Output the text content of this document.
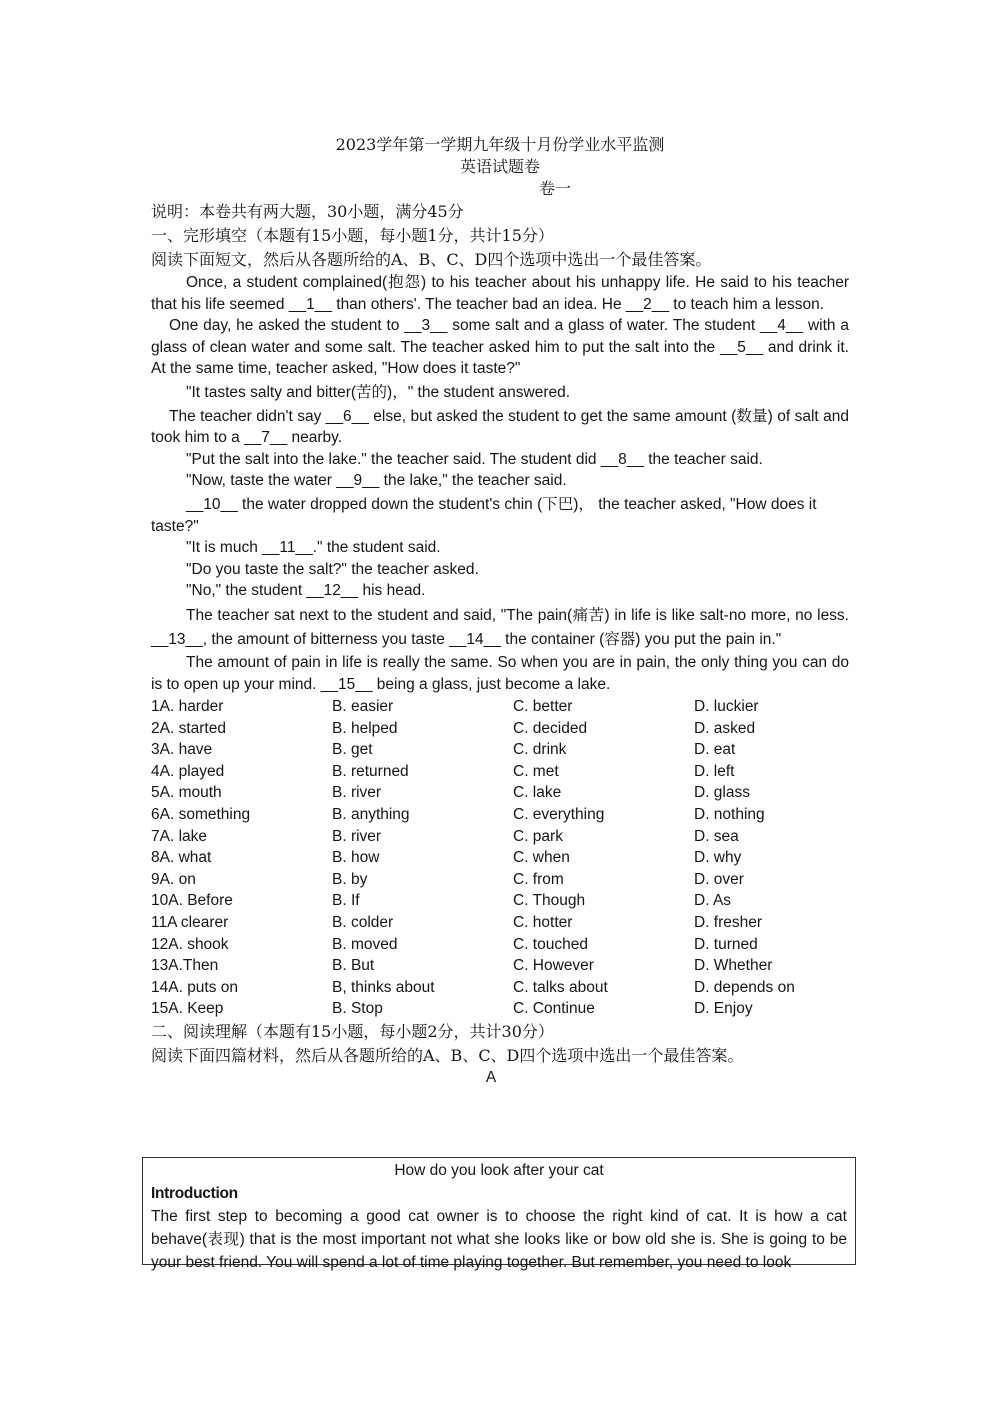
2023学年第一学期九年级十月份学业水平监测
英语试题卷
卷一
说明：本卷共有两大题，30小题，满分45分
一、完形填空（本题有15小题，每小题1分，共计15分）
阅读下面短文，然后从各题所给的A、B、C、D四个选项中选出一个最佳答案。

Once, a student complained(抱怨) to his teacher about his unhappy life. He said to his teacher that his life seemed __1__ than others'. The teacher bad an idea. He __2__ to teach him a lesson.

One day, he asked the student to __3__ some salt and a glass of water. The student __4__ with a glass of clean water and some salt. The teacher asked him to put the salt into the __5__ and drink it. At the same time, teacher asked, "How does it taste?"

"It tastes salty and bitter(苦的)，" the student answered.

The teacher didn't say __6__ else, but asked the student to get the same amount (数量) of salt and took him to a __7__ nearby.

"Put the salt into the lake." the teacher said. The student did __8__ the teacher said.

"Now, taste the water __9__ the lake," the teacher said.

__10__ the water dropped down the student's chin (下巴)， the teacher asked, "How does it

taste?"

"It is much __11__." the student said.

"Do you taste the salt?" the teacher asked.

"No," the student __12__ his head.

The teacher sat next to the student and said, "The pain(痛苦) in life is like salt-no more, no less. __13__, the amount of bitterness you taste __14__ the container (容器) you put the pain in."

The amount of pain in life is really the same. So when you are in pain, the only thing you can do is to open up your mind. __15__ being a glass, just become a lake.

1A. harder	B. easier	C. better	D. luckier
2A. started	B. helped	C. decided	D. asked
3A. have	B. get	C. drink	D. eat
4A. played	B. returned	C. met	D. left
5A. mouth	B. river	C. lake	D. glass
6A. something	B. anything	C. everything	D. nothing
7A. lake	B. river	C. park	D. sea
8A. what	B. how	C. when	D. why
9A. on	B. by	C. from	D. over
10A. Before	B. If	C. Though	D. As
11A clearer	B. colder	C. hotter	D. fresher
12A. shook	B. moved	C. touched	D. turned
13A.Then	B. But	C. However	D. Whether
14A. puts on	B, thinks about	C. talks about	D. depends on
15A. Keep	B. Stop	C. Continue	D. Enjoy
二、阅读理解（本题有15小题，每小题2分，共计30分）
阅读下面四篇材料，然后从各题所给的A、B、C、D四个选项中选出一个最佳答案。
A
How do you look after your cat
Introduction

The first step to becoming a good cat owner is to choose the right kind of cat. It is how a cat behave(表现) that is the most important not what she looks like or bow old she is. She is going to be your best friend. You will spend a lot of time playing together. But remember, you need to look
